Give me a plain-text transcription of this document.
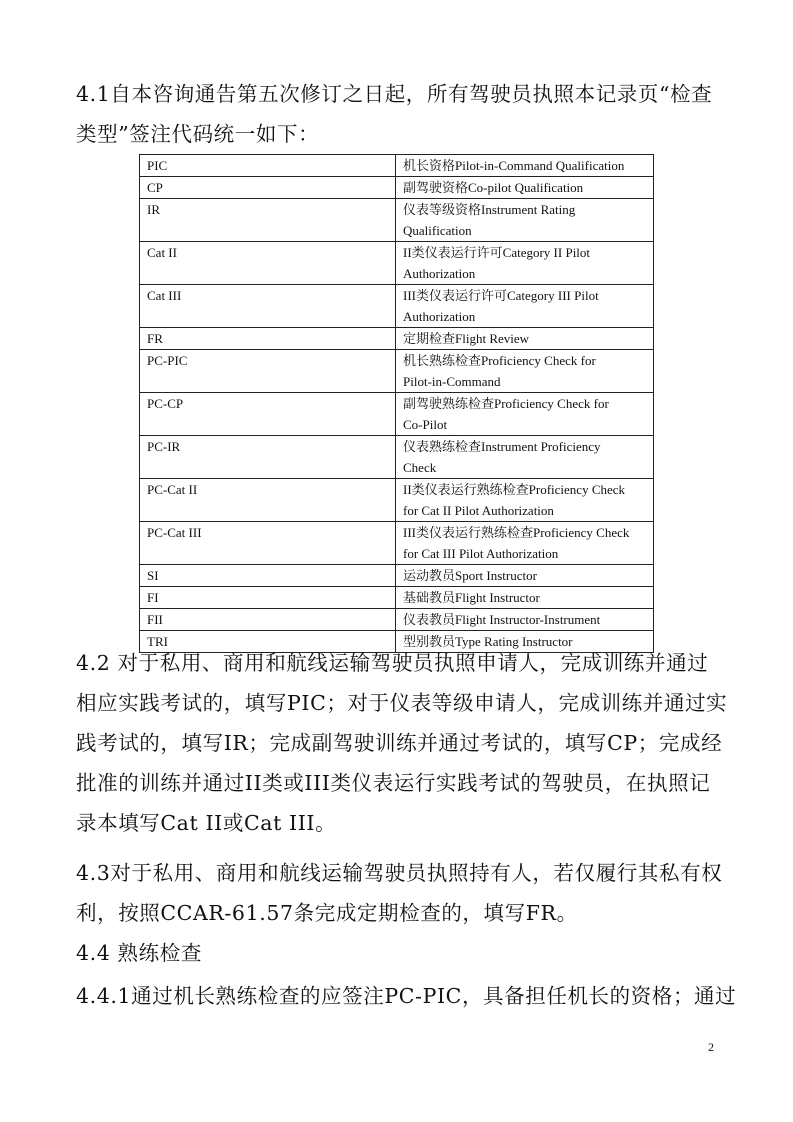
4.1自本咨询通告第五次修订之日起，所有驾驶员执照本记录页“检查
类型”签注代码统一如下：
PIC	机长资格Pilot-in-Command Qualification

CP	副驾驶资格Co-pilot Qualification

IR	仪表等级资格Instrument Rating
Qualification

Cat II	II类仪表运行许可Category II Pilot
Authorization

Cat III	III类仪表运行许可Category III Pilot
Authorization

FR	定期检查Flight Review

PC-PIC	机长熟练检查Proficiency Check for
Pilot-in-Command

PC-CP	副驾驶熟练检查Proficiency Check for
Co-Pilot

PC-IR	仪表熟练检查Instrument Proficiency
Check

PC-Cat II	II类仪表运行熟练检查Proficiency Check
for Cat II Pilot Authorization

PC-Cat III	III类仪表运行熟练检查Proficiency Check
for Cat III Pilot Authorization

SI	运动教员Sport Instructor

FI	基础教员Flight Instructor

FII	仪表教员Flight Instructor-Instrument

TRI	型别教员Type Rating Instructor
4.2 对于私用、商用和航线运输驾驶员执照申请人，完成训练并通过
相应实践考试的，填写PIC；对于仪表等级申请人，完成训练并通过实
践考试的，填写IR；完成副驾驶训练并通过考试的，填写CP；完成经
批准的训练并通过II类或III类仪表运行实践考试的驾驶员，在执照记
录本填写Cat II或Cat III。
4.3对于私用、商用和航线运输驾驶员执照持有人，若仅履行其私有权
利，按照CCAR-61.57条完成定期检查的，填写FR。
4.4 熟练检查
4.4.1通过机长熟练检查的应签注PC-PIC，具备担任机长的资格；通过
2
